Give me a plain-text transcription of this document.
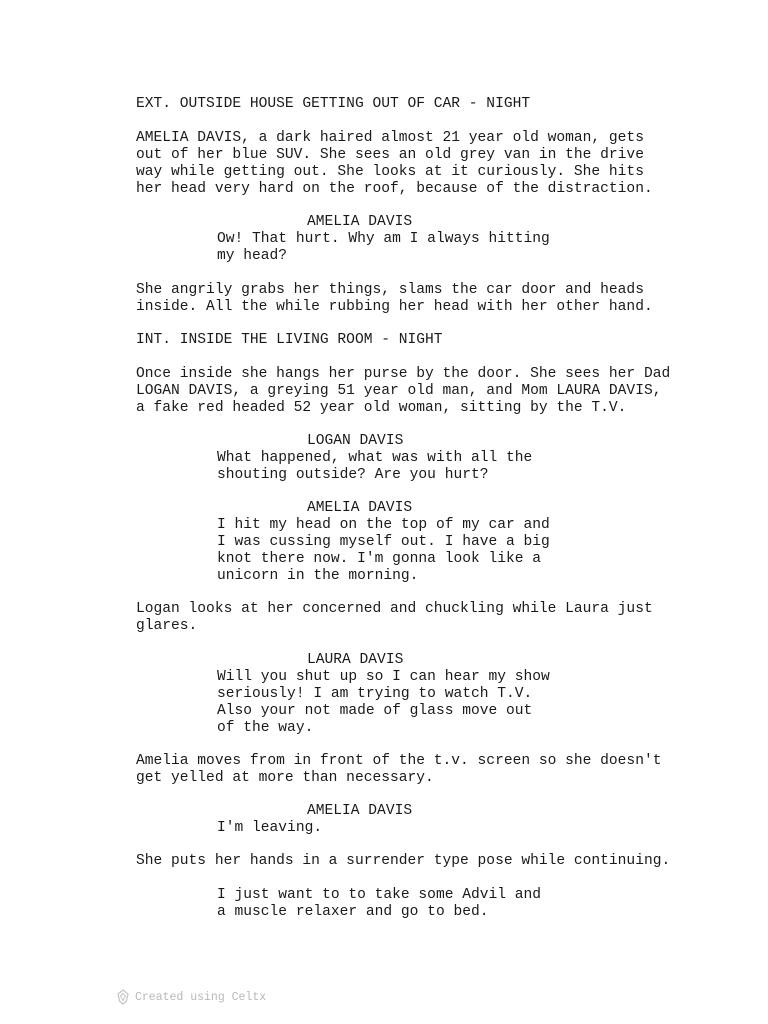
EXT. OUTSIDE HOUSE GETTING OUT OF CAR - NIGHT

AMELIA DAVIS, a dark haired almost 21 year old woman, gets

out of her blue SUV. She sees an old grey van in the drive

way while getting out. She looks at it curiously. She hits

her head very hard on the roof, because of the distraction.

AMELIA DAVIS

Ow! That hurt. Why am I always hitting

my head?

She angrily grabs her things, slams the car door and heads

inside. All the while rubbing her head with her other hand.

INT. INSIDE THE LIVING ROOM - NIGHT

Once inside she hangs her purse by the door. She sees her Dad

LOGAN DAVIS, a greying 51 year old man, and Mom LAURA DAVIS,

a fake red headed 52 year old woman, sitting by the T.V.

LOGAN DAVIS

What happened, what was with all the

shouting outside? Are you hurt?

AMELIA DAVIS

I hit my head on the top of my car and

I was cussing myself out. I have a big

knot there now. I'm gonna look like a

unicorn in the morning.

Logan looks at her concerned and chuckling while Laura just

glares.

LAURA DAVIS

Will you shut up so I can hear my show

seriously! I am trying to watch T.V.

Also your not made of glass move out

of the way.

Amelia moves from in front of the t.v. screen so she doesn't

get yelled at more than necessary.

AMELIA DAVIS

I'm leaving.

She puts her hands in a surrender type pose while continuing.

I just want to to take some Advil and

a muscle relaxer and go to bed.

Created using Celtx
